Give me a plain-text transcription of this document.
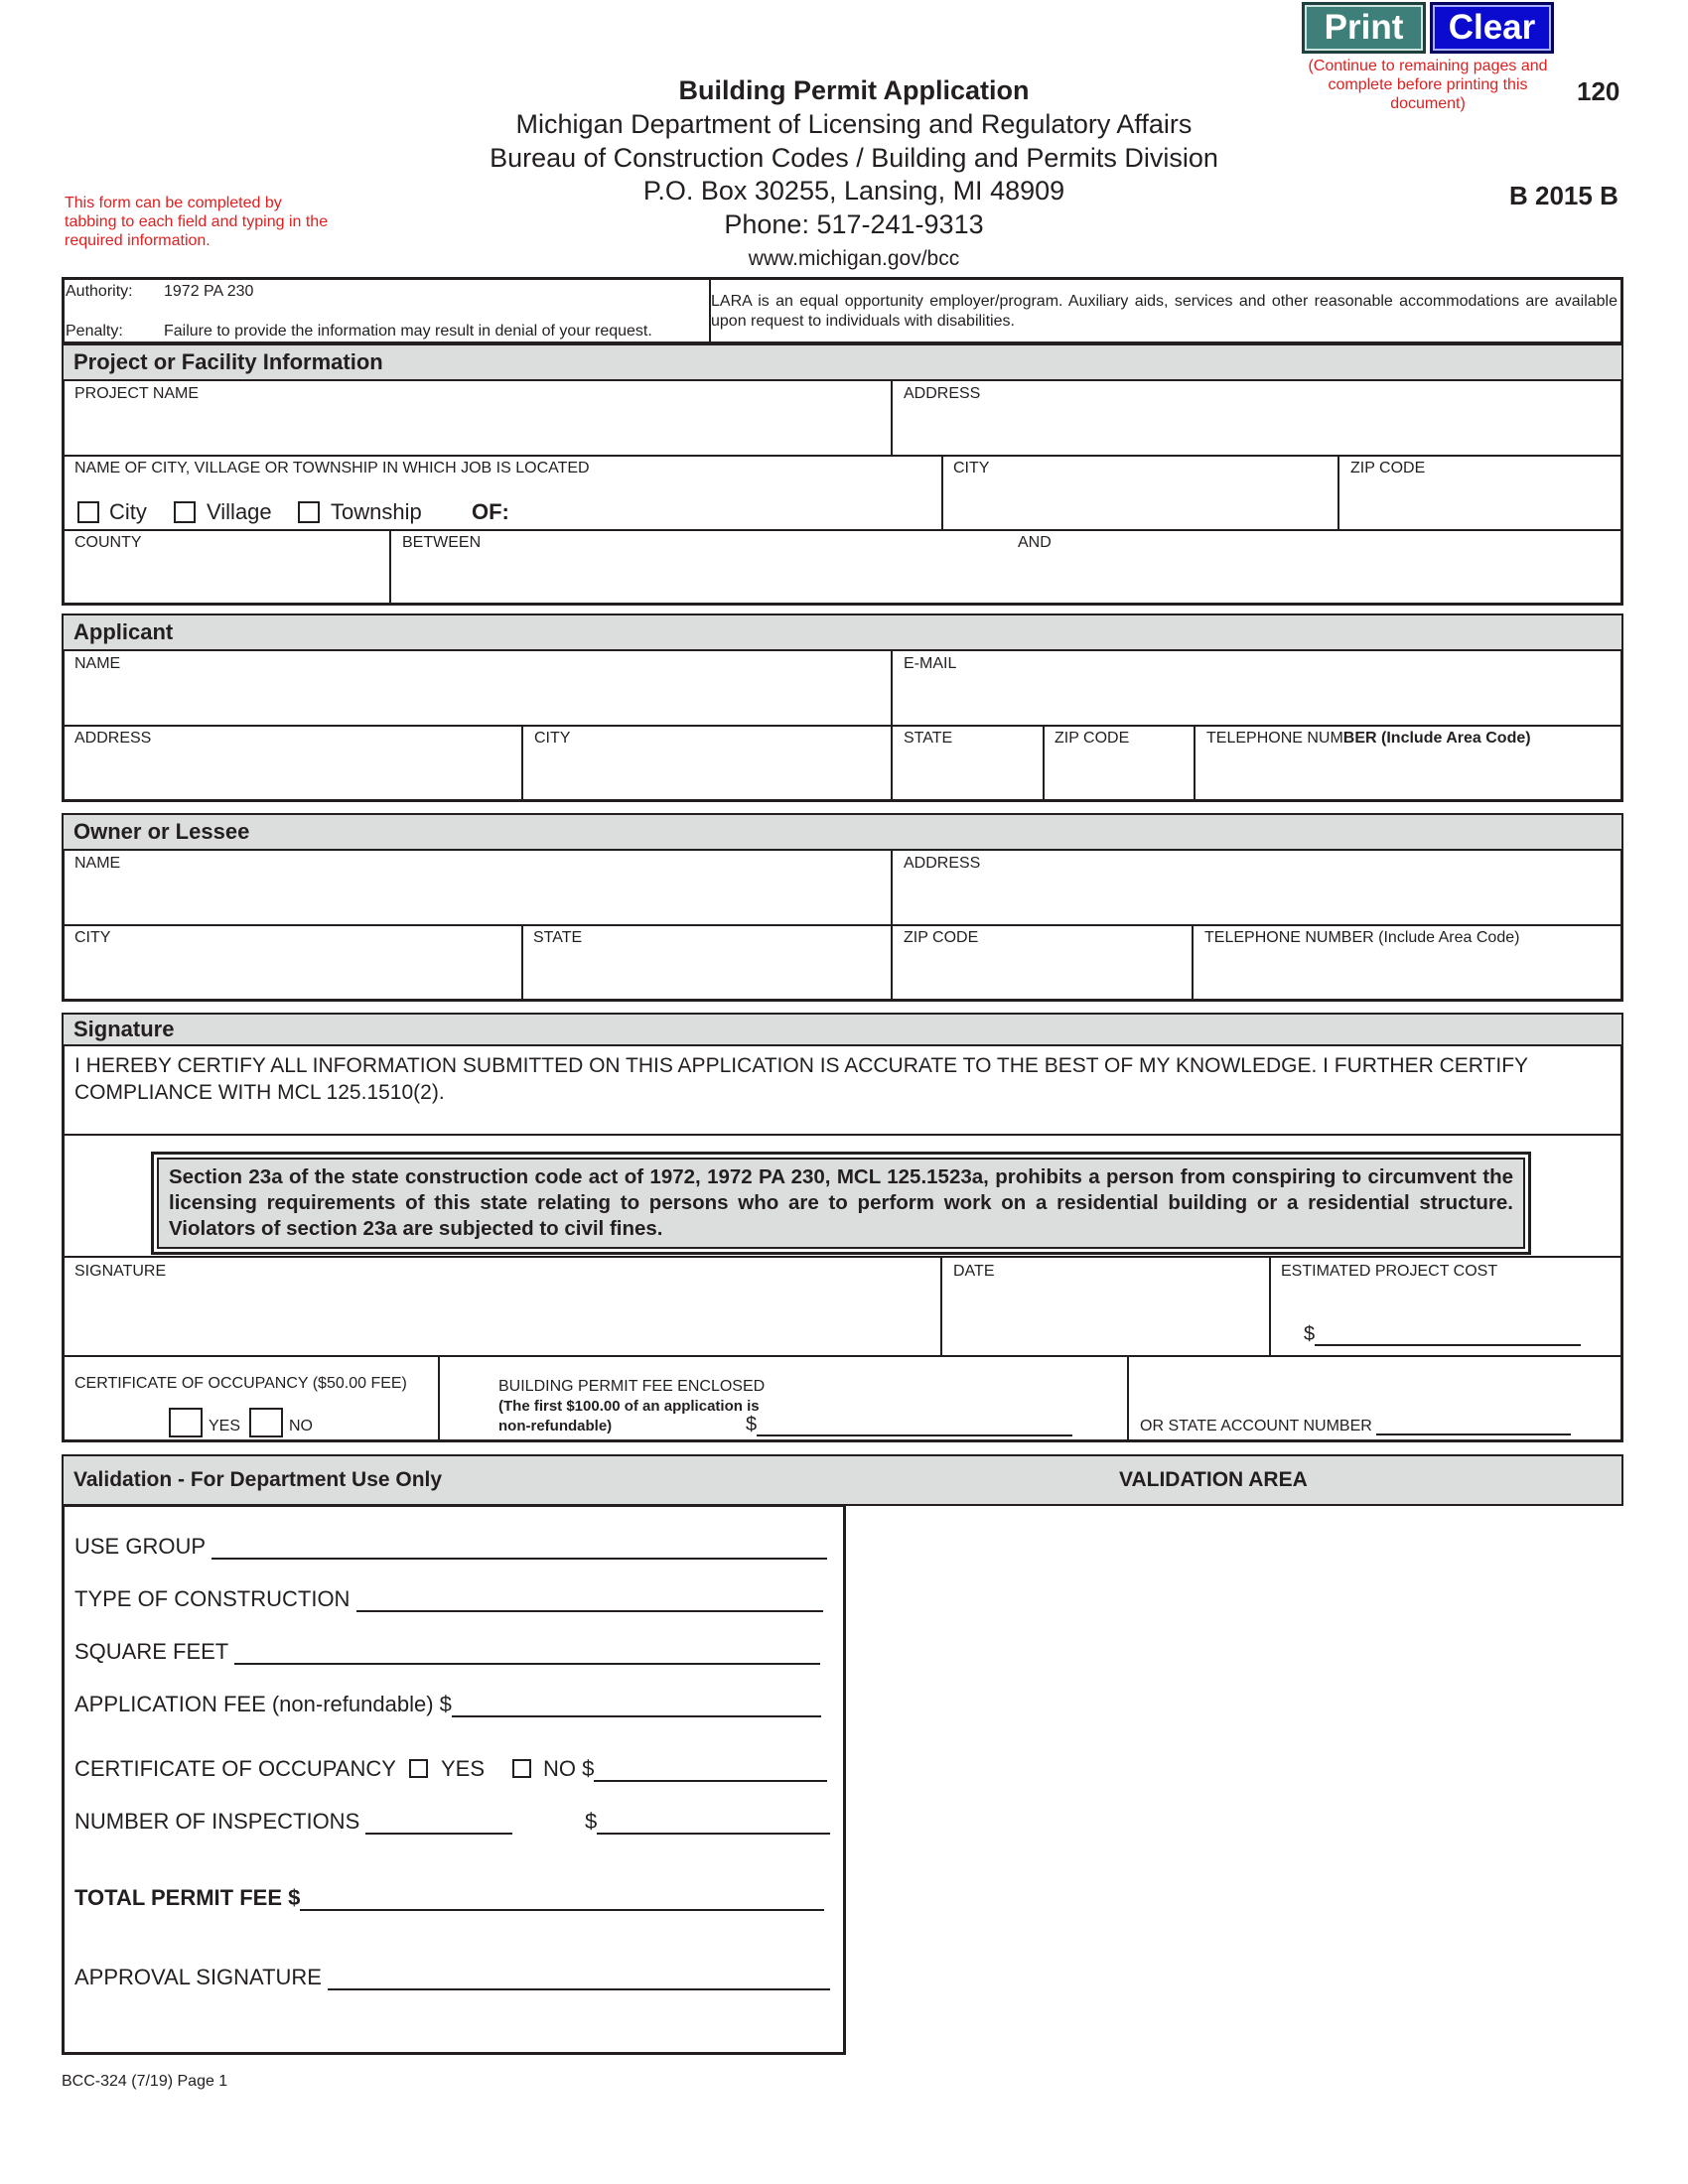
Print	Clear
(Continue to remaining pages and complete before printing this document)	120
B 2015 B
This form can be completed by tabbing to each field and typing in the required information.
Building Permit Application
Michigan Department of Licensing and Regulatory Affairs
Bureau of Construction Codes / Building and Permits Division
P.O. Box 30255, Lansing, MI 48909
Phone: 517-241-9313
www.michigan.gov/bcc
Authority: 1972 PA 230
Penalty:	Failure to provide the information may result in denial of your request.
LARA is an equal opportunity employer/program. Auxiliary aids, services and other reasonable accommodations are available upon request to individuals with disabilities.
Project or Facility Information
PROJECT NAME	ADDRESS
NAME OF CITY, VILLAGE OR TOWNSHIP IN WHICH JOB IS LOCATED
City	Village	Township OF:
CITY	ZIP CODE
COUNTY	BETWEEN	AND
Applicant
NAME	E-MAIL
ADDRESS	CITY	STATE	ZIP CODE	TELEPHONE NUMBER (Include Area Code)
Owner or Lessee
NAME	ADDRESS
CITY	STATE	ZIP CODE	TELEPHONE NUMBER (Include Area Code)
Signature
I HEREBY CERTIFY ALL INFORMATION SUBMITTED ON THIS APPLICATION IS ACCURATE TO THE BEST OF MY KNOWLEDGE. I FURTHER CERTIFY COMPLIANCE WITH MCL 125.1510(2).
Section 23a of the state construction code act of 1972, 1972 PA 230, MCL 125.1523a, prohibits a person from conspiring to circumvent the licensing requirements of this state relating to persons who are to perform work on a residential building or a residential structure. Violators of section 23a are subjected to civil fines.
SIGNATURE	DATE	ESTIMATED PROJECT COST
$
CERTIFICATE OF OCCUPANCY ($50.00 FEE)
YES	NO
BUILDING PERMIT FEE ENCLOSED
(The first $100.00 of an application is
non-refundable)	$	OR STATE ACCOUNT NUMBER
Validation - For Department Use Only	VALIDATION AREA
USE GROUP
TYPE OF CONSTRUCTION
SQUARE FEET
APPLICATION FEE (non-refundable) $
CERTIFICATE OF OCCUPANCY YES	NO $
NUMBER OF INSPECTIONS	$
TOTAL PERMIT FEE $
APPROVAL SIGNATURE
BCC-324 (7/19) Page 1
